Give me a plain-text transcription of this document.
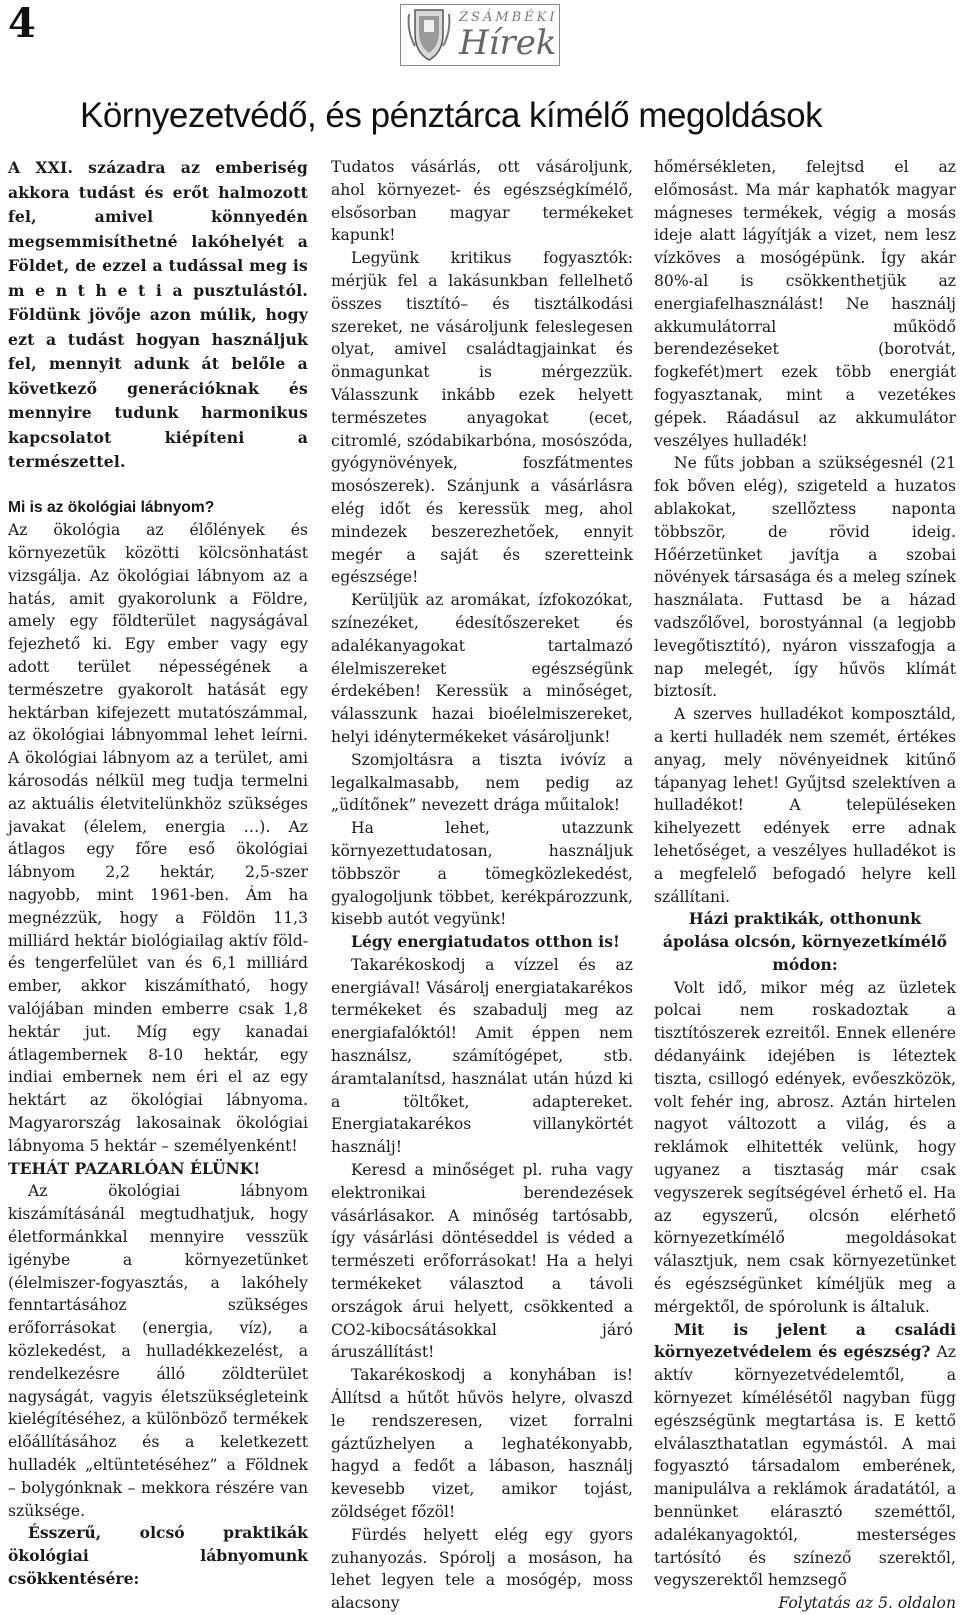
4	ZSÁMBÉKI
Hírek
Környezetvédő, és pénztárca kímélő megoldások

A XXI. századra az emberiség akkora tudást és erőt halmozott fel, amivel könnyedén megsemmisíthetné lakóhelyét a Földet, de ezzel a tudással meg is m e n t h e t i a pusztulástól. Földünk jövője azon múlik, hogy ezt a tudást hogyan használjuk fel, mennyit adunk át belőle a következő generációknak és mennyire tudunk harmonikus kapcsolatot kiépíteni a természettel.

Mi is az ökológiai lábnyom?

Az ökológia az élőlények és környezetük közötti kölcsönhatást vizsgálja. Az ökológiai lábnyom az a hatás, amit gyakorolunk a Földre, amely egy földterület nagyságával fejezhető ki. Egy ember vagy egy adott terület népességének a természetre gyakorolt hatását egy hektárban kifejezett mutatószámmal, az ökológiai lábnyommal lehet leírni. A ökológiai lábnyom az a terület, ami károsodás nélkül meg tudja termelni az aktuális életvitelünkhöz szükséges javakat (élelem, energia …). Az átlagos egy főre eső ökológiai lábnyom 2,2 hektár, 2,5-szer nagyobb, mint 1961-ben. Ám ha megnézzük, hogy a Földön 11,3 milliárd hektár biológiailag aktív föld- és tengerfelület van és 6,1 milliárd ember, akkor kiszámítható, hogy valójában minden emberre csak 1,8 hektár jut. Míg egy kanadai átlagembernek 8-10 hektár, egy indiai embernek nem éri el az egy hektárt az ökológiai lábnyoma. Magyarország lakosainak ökológiai lábnyoma 5 hektár – személyenként!

TEHÁT PAZARLÓAN ÉLÜNK!

Az ökológiai lábnyom kiszámításánál megtudhatjuk, hogy életformánkkal mennyire vesszük igénybe a környezetünket (élelmiszer-fogyasztás, a lakóhely fenntartásához szükséges erőforrásokat (energia, víz), a közlekedést, a hulladékkezelést, a rendelkezésre álló zöldterület nagyságát, vagyis életszükségleteink kielégítéséhez, a különböző termékek előállításához és a keletkezett hulladék „eltüntetéséhez” a Földnek – bolygónknak – mekkora részére van szüksége.

Ésszerű, olcsó praktikák ökológiai lábnyomunk csökkentésére:

Tudatos vásárlás, ott vásároljunk, ahol környezet- és egészségkímélő, elsősorban magyar termékeket kapunk!

Legyünk kritikus fogyasztók: mérjük fel a lakásunkban fellelhető összes tisztító– és tisztálkodási szereket, ne vásároljunk feleslegesen olyat, amivel családtagjainkat és önmagunkat is mérgezzük. Válasszunk inkább ezek helyett természetes anyagokat (ecet, citromlé, szódabikarbóna, mosószóda, gyógynövények, foszfátmentes mosószerek). Szánjunk a vásárlásra elég időt és keressük meg, ahol mindezek beszerezhetőek, ennyit megér a saját és szeretteink egészsége!

Kerüljük az aromákat, ízfokozókat, színezéket, édesítőszereket és adalékanyagokat tartalmazó élelmiszereket egészségünk érdekében! Keressük a minőséget, válasszunk hazai bioélelmiszereket, helyi idénytermékeket vásároljunk!

Szomjoltásra a tiszta ivóvíz a legalkalmasabb, nem pedig az „üdítőnek” nevezett drága műitalok!

Ha lehet, utazzunk környezettudatosan, használjuk többször a tömegközlekedést, gyalogoljunk többet, kerékpározzunk, kisebb autót vegyünk!

Légy energiatudatos otthon is!

Takarékoskodj a vízzel és az energiával! Vásárolj energiatakarékos termékeket és szabadulj meg az energiafalóktól! Amit éppen nem használsz, számítógépet, stb. áramtalanítsd, használat után húzd ki a töltőket, adaptereket. Energiatakarékos villanykörtét használj!

Keresd a minőséget pl. ruha vagy elektronikai berendezések vásárlásakor. A minőség tartósabb, így vásárlási döntéseddel is véded a természeti erőforrásokat! Ha a helyi termékeket választod a távoli országok árui helyett, csökkented a CO2-kibocsátásokkal járó áruszállítást!

Takarékoskodj a konyhában is! Állítsd a hűtőt hűvös helyre, olvaszd le rendszeresen, vizet forralni gáztűzhelyen a leghatékonyabb, hagyd a fedőt a lábason, használj kevesebb vizet, amikor tojást, zöldséget főzöl!

Fürdés helyett elég egy gyors zuhanyozás. Spórolj a mosáson, ha lehet legyen tele a mosógép, moss alacsony

hőmérsékleten, felejtsd el az előmosást. Ma már kaphatók magyar mágneses termékek, végig a mosás ideje alatt lágyítják a vizet, nem lesz vízköves a mosógépünk. Így akár 80%-al is csökkenthetjük az energiafelhasználást! Ne használj akkumulátorral működő berendezéseket (borotvát, fogkefét)mert ezek több energiát fogyasztanak, mint a vezetékes gépek. Ráadásul az akkumulátor veszélyes hulladék!

Ne fűts jobban a szükségesnél (21 fok bőven elég), szigeteld a huzatos ablakokat, szellőztess naponta többször, de rövid ideig. Hőérzetünket javítja a szobai növények társasága és a meleg színek használata. Futtasd be a házad vadszőlővel, borostyánnal (a legjobb levegőtisztító), nyáron visszafogja a nap melegét, így hűvös klímát biztosít.

A szerves hulladékot komposztáld, a kerti hulladék nem szemét, értékes anyag, mely növényeidnek kitűnő tápanyag lehet! Gyűjtsd szelektíven a hulladékot! A településeken kihelyezett edények erre adnak lehetőséget, a veszélyes hulladékot is a megfelelő befogadó helyre kell szállítani.

Házi praktikák, otthonunk ápolása olcsón, környezetkímélő módon:

Volt idő, mikor még az üzletek polcai nem roskadoztak a tisztítószerek ezreitől. Ennek ellenére dédanyáink idejében is léteztek tiszta, csillogó edények, evőeszközök, volt fehér ing, abrosz. Aztán hirtelen nagyot változott a világ, és a reklámok elhitették velünk, hogy ugyanez a tisztaság már csak vegyszerek segítségével érhető el. Ha az egyszerű, olcsón elérhető környezetkímélő megoldásokat választjuk, nem csak környezetünket és egészségünket kíméljük meg a mérgektől, de spórolunk is általuk.

Mit is jelent a családi környezetvédelem és egészség? Az aktív környezetvédelemtől, a környezet kímélésétől nagyban függ egészségünk megtartása is. E kettő elválaszthatatlan egymástól. A mai fogyasztó társadalom emberének, manipulálva a reklámok áradatától, a bennünket elárasztó szeméttől, adalékanyagoktól, mesterséges tartósító és színező szerektől, vegyszerektől hemzsegő

Folytatás az 5. oldalon
